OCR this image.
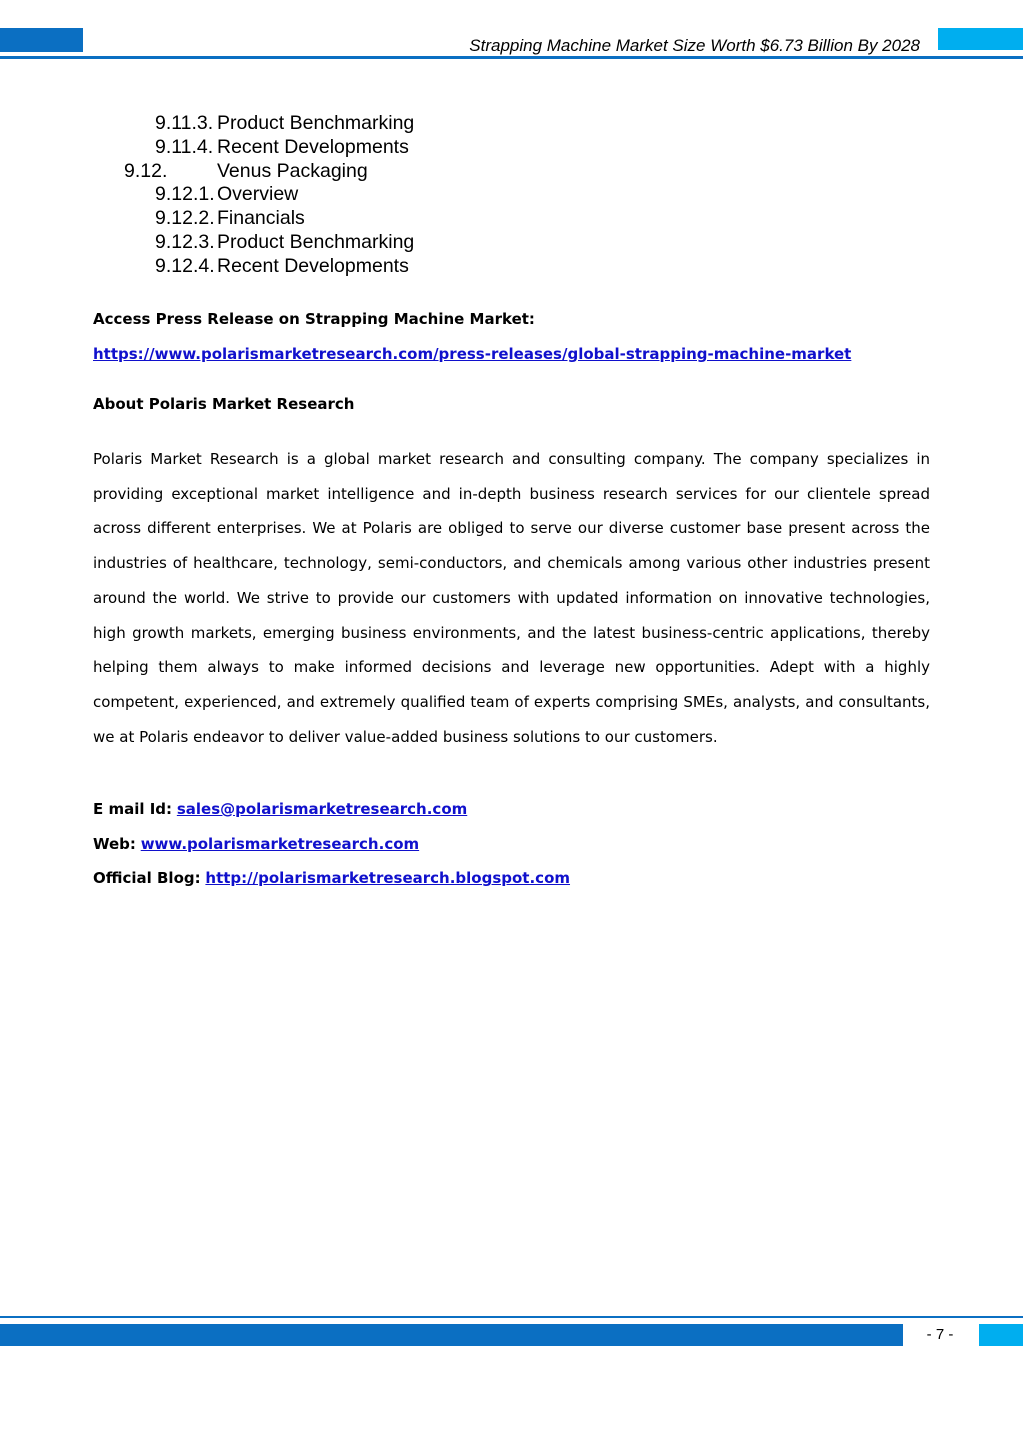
Strapping Machine Market Size Worth $6.73 Billion By 2028
9.11.3. Product Benchmarking
9.11.4. Recent Developments
9.12.	Venus Packaging
9.12.1. Overview
9.12.2. Financials
9.12.3. Product Benchmarking
9.12.4. Recent Developments
Access Press Release on Strapping Machine Market: https://www.polarismarketresearch.com/press-releases/global-strapping-machine-market
About Polaris Market Research
Polaris Market Research is a global market research and consulting company. The company specializes in providing exceptional market intelligence and in-depth business research services for our clientele spread across different enterprises. We at Polaris are obliged to serve our diverse customer base present across the industries of healthcare, technology, semi-conductors, and chemicals among various other industries present around the world. We strive to provide our customers with updated information on innovative technologies, high growth markets, emerging business environments, and the latest business-centric applications, thereby helping them always to make informed decisions and leverage new opportunities. Adept with a highly competent, experienced, and extremely qualified team of experts comprising SMEs, analysts, and consultants, we at Polaris endeavor to deliver value-added business solutions to our customers.
E mail Id: sales@polarismarketresearch.com
Web: www.polarismarketresearch.com
Official Blog: http://polarismarketresearch.blogspot.com
- 7 -
